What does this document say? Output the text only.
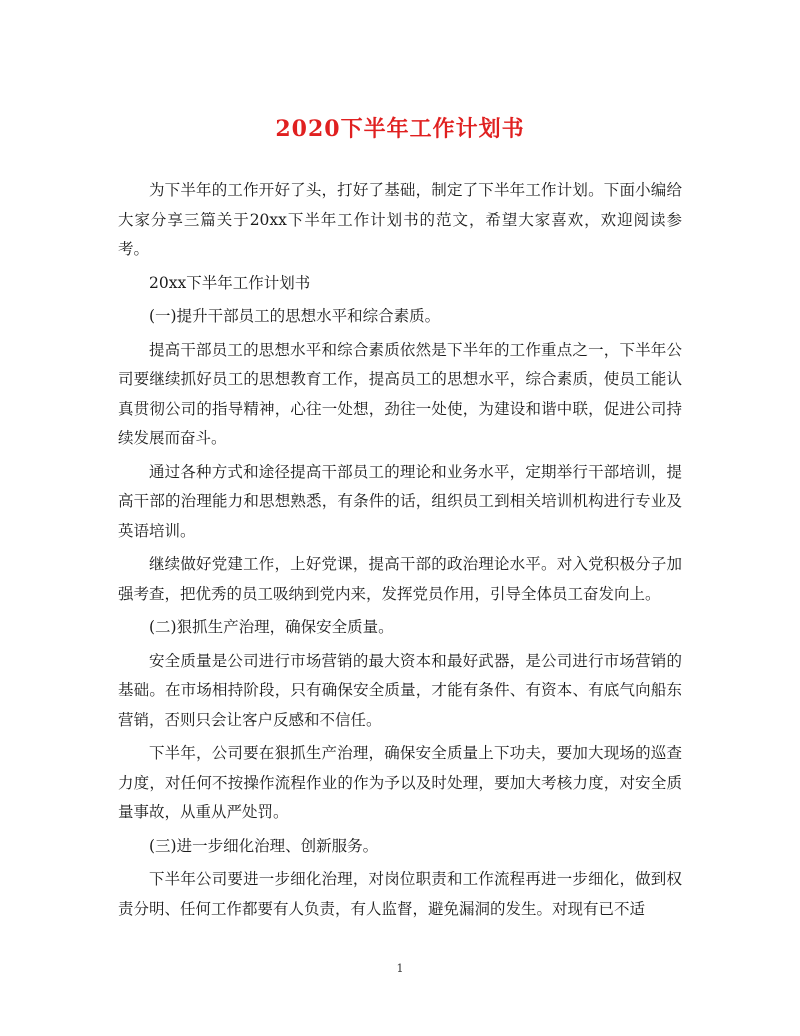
2020下半年工作计划书

为下半年的工作开好了头，打好了基础，制定了下半年工作计划。下面小编给大家分享三篇关于20xx下半年工作计划书的范文，希望大家喜欢，欢迎阅读参考。

20xx下半年工作计划书

(一)提升干部员工的思想水平和综合素质。

提高干部员工的思想水平和综合素质依然是下半年的工作重点之一，下半年公司要继续抓好员工的思想教育工作，提高员工的思想水平，综合素质，使员工能认真贯彻公司的指导精神，心往一处想，劲往一处使，为建设和谐中联，促进公司持续发展而奋斗。

通过各种方式和途径提高干部员工的理论和业务水平，定期举行干部培训，提高干部的治理能力和思想熟悉，有条件的话，组织员工到相关培训机构进行专业及英语培训。

继续做好党建工作，上好党课，提高干部的政治理论水平。对入党积极分子加强考查，把优秀的员工吸纳到党内来，发挥党员作用，引导全体员工奋发向上。

(二)狠抓生产治理，确保安全质量。

安全质量是公司进行市场营销的最大资本和最好武器，是公司进行市场营销的基础。在市场相持阶段，只有确保安全质量，才能有条件、有资本、有底气向船东营销，否则只会让客户反感和不信任。

下半年，公司要在狠抓生产治理，确保安全质量上下功夫，要加大现场的巡查力度，对任何不按操作流程作业的作为予以及时处理，要加大考核力度，对安全质量事故，从重从严处罚。

(三)进一步细化治理、创新服务。

下半年公司要进一步细化治理，对岗位职责和工作流程再进一步细化，做到权责分明、任何工作都要有人负责，有人监督，避免漏洞的发生。对现有已不适

1
